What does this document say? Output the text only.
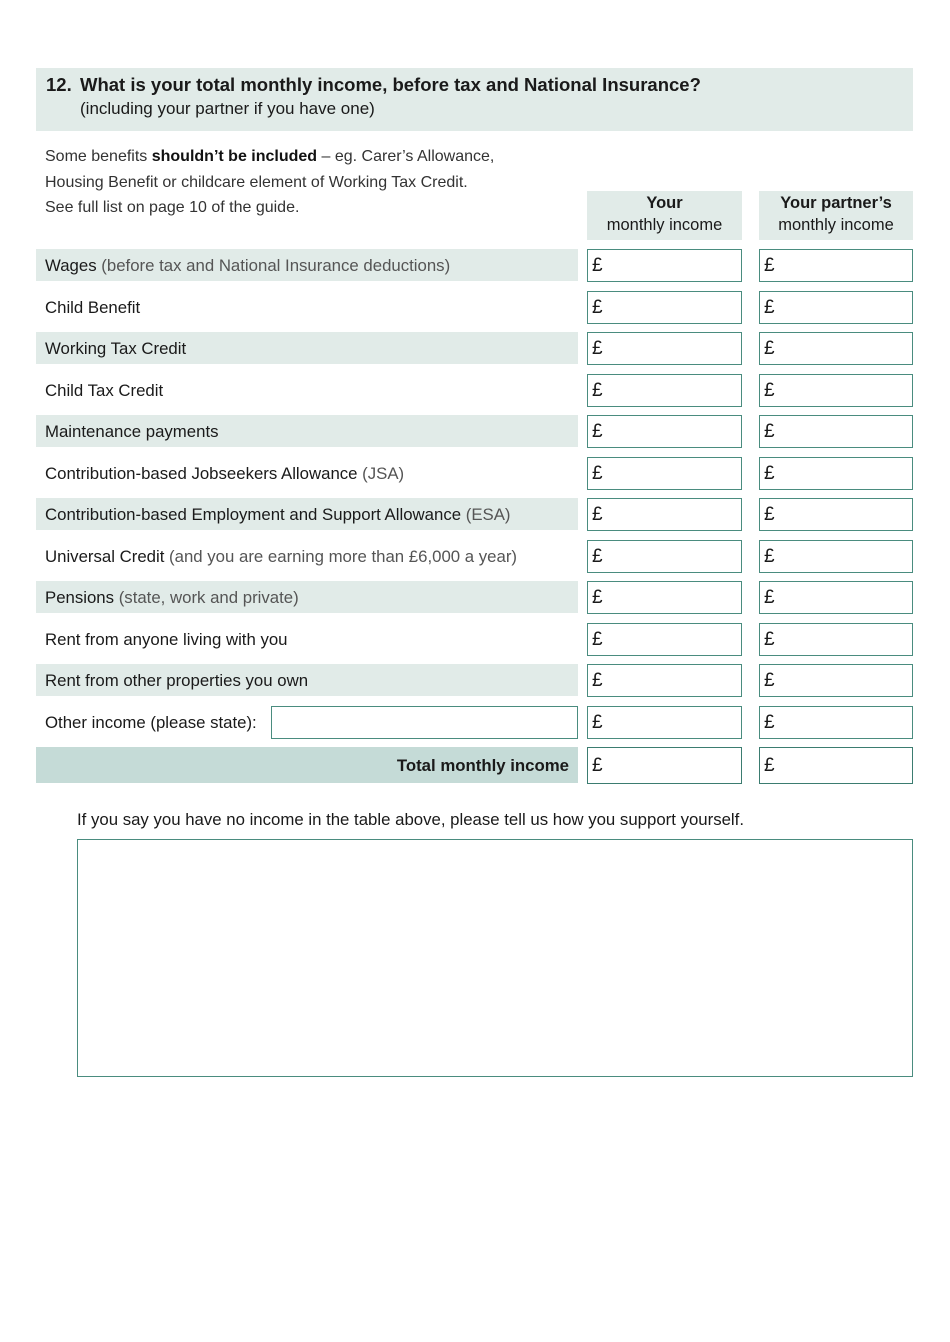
12. What is your total monthly income, before tax and National Insurance?
(including your partner if you have one)
Some benefits shouldn’t be included – eg. Carer’s Allowance,
Housing Benefit or childcare element of Working Tax Credit.
See full list on page 10 of the guide.	Your
monthly income
Your partner’s
monthly income
Wages (before tax and National Insurance deductions)	£	£
Child Benefit	£	£
Working Tax Credit	£	£
Child Tax Credit	£	£
Maintenance payments	£	£
Contribution-based Jobseekers Allowance (JSA)	£	£
Contribution-based Employment and Support Allowance (ESA)	£	£
Universal Credit (and you are earning more than £6,000 a year)	£	£
Pensions (state, work and private)	£	£
Rent from anyone living with you	£	£
Rent from other properties you own	£	£
Other income (please state):	£	£
Total monthly income	£	£
If you say you have no income in the table above, please tell us how you support yourself.
